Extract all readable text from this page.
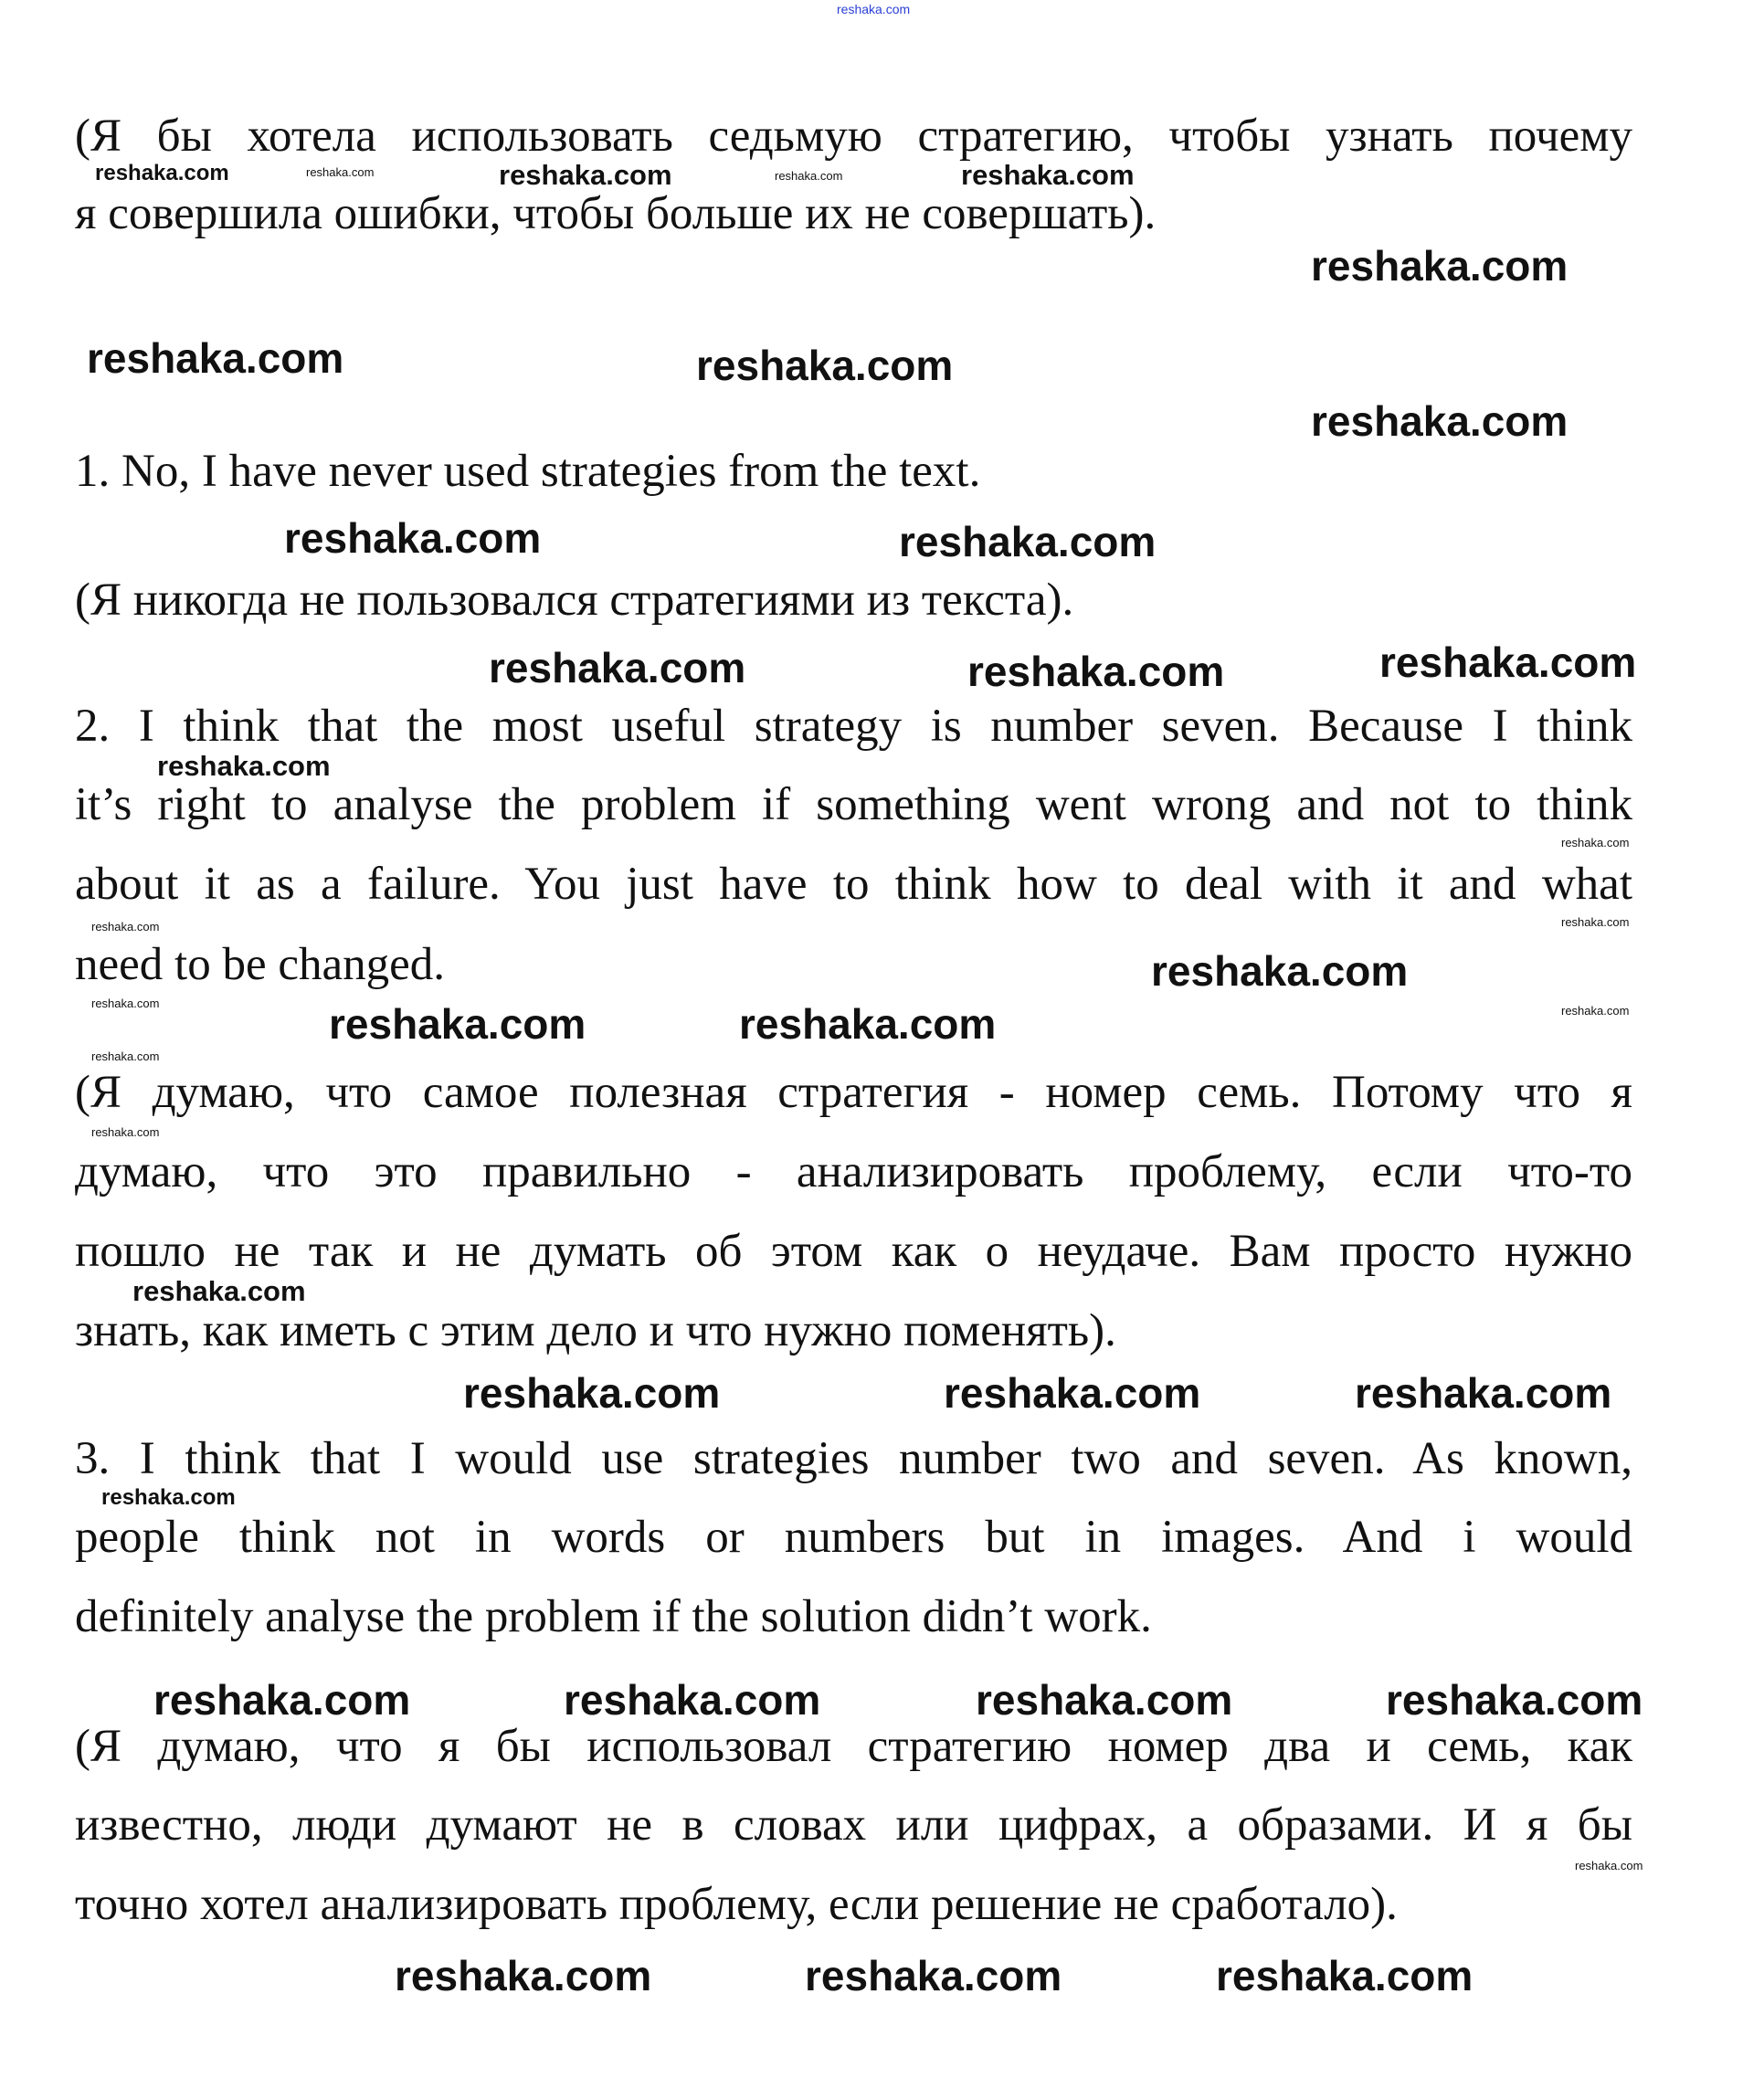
(Я бы хотела использовать седьмую стратегию, чтобы узнать почему
я совершила ошибки, чтобы больше их не совершать).
1. No, I have never used strategies from the text.
(Я никогда не пользовался стратегиями из текста).
2. I think that the most useful strategy is number seven. Because I think
it’s right to analyse the problem if something went wrong and not to think
about it as a failure. You just have to think how to deal with it and what
need to be changed.
(Я думаю, что самое полезная стратегия - номер семь. Потому что я
думаю, что это правильно - анализировать проблему, если что-то
пошло не так и не думать об этом как о неудаче. Вам просто нужно
знать, как иметь с этим дело и что нужно поменять).
3. I think that I would use strategies number two and seven. As known,
people think not in words or numbers but in images. And i would
definitely analyse the problem if the solution didn’t work.
(Я думаю, что я бы использовал стратегию номер два и семь, как
известно, люди думают не в словах или цифрах, а образами. И я бы
точно хотел анализировать проблему, если решение не сработало).
reshaka.com
reshaka.com	reshaka.com	reshaka.com	reshaka.com	reshaka.com
reshaka.com
reshaka.com	reshaka.com
reshaka.com
reshaka.com	reshaka.com
reshaka.com
reshaka.com
reshaka.com	reshaka.com
reshaka.com
reshaka.com
reshaka.com
reshaka.com
reshaka.com
reshaka.com	reshaka.com	reshaka.com
reshaka.com
reshaka.com
reshaka.com	reshaka.com	reshaka.com
reshaka.com
reshaka.com
reshaka.com	reshaka.com	reshaka.com
reshaka.com	reshaka.com	reshaka.com	reshaka.com
reshaka.com
